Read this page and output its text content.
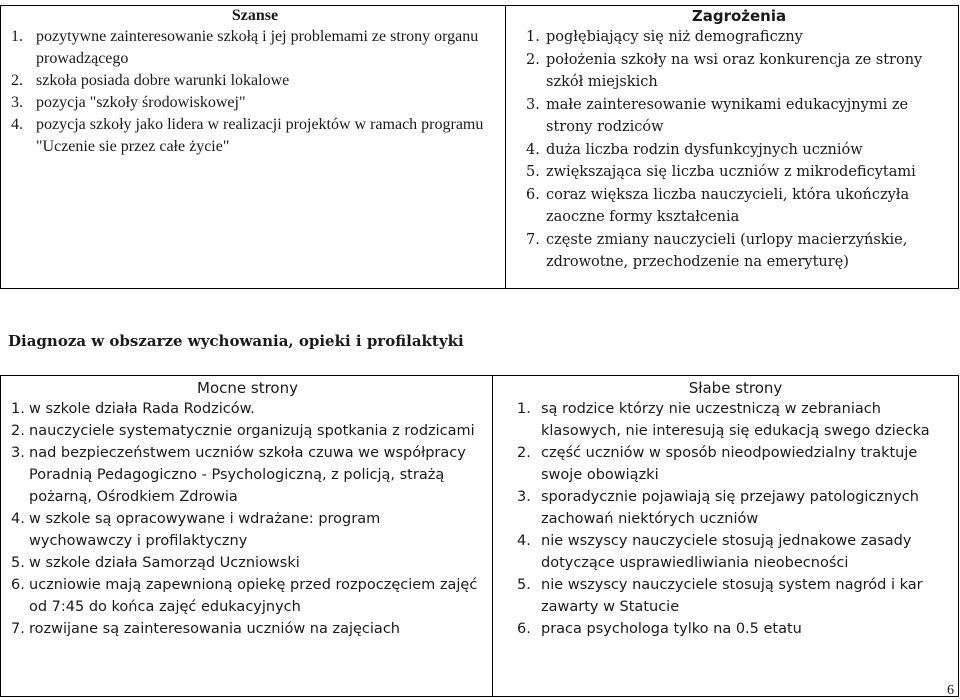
Szanse
1. pozytywne zainteresowanie szkołą i jej problemami ze strony organu prowadzącego
2. szkoła posiada dobre warunki lokalowe
3. pozycja "szkoły środowiskowej"
4. pozycja szkoły jako lidera w realizacji projektów w ramach programu "Uczenie sie przez całe życie"

Zagrożenia
1. pogłębiający się niż demograficzny
2. położenia szkoły na wsi oraz konkurencja ze strony szkół miejskich
3. małe zainteresowanie wynikami edukacyjnymi ze strony rodziców
4. duża liczba rodzin dysfunkcyjnych uczniów
5. zwiększająca się liczba uczniów z mikrodeficytami
6. coraz większa liczba nauczycieli, która ukończyła zaoczne formy kształcenia
7. częste zmiany nauczycieli (urlopy macierzyńskie, zdrowotne, przechodzenie na emeryturę)
Diagnoza w obszarze wychowania, opieki i profilaktyki
Mocne strony
1. w szkole działa Rada Rodziców.
2. nauczyciele systematycznie organizują spotkania z rodzicami
3. nad bezpieczeństwem uczniów szkoła czuwa we współpracy Poradnią Pedagogiczno - Psychologiczną, z policją, strażą pożarną, Ośrodkiem Zdrowia
4. w szkole są opracowywane i wdrażane: program wychowawczy i profilaktyczny
5. w szkole działa Samorząd Uczniowski
6. uczniowie mają zapewnioną opiekę przed rozpoczęciem zajęć od 7:45 do końca zajęć edukacyjnych
7. rozwijane są zainteresowania uczniów na zajęciach

Słabe strony
1. są rodzice którzy nie uczestniczą w zebraniach klasowych, nie interesują się edukacją swego dziecka
2. część uczniów w sposób nieodpowiedzialny traktuje swoje obowiązki
3. sporadycznie pojawiają się przejawy patologicznych zachowań niektórych uczniów
4. nie wszyscy nauczyciele stosują jednakowe zasady dotyczące usprawiedliwiania nieobecności
5. nie wszyscy nauczyciele stosują system nagród i kar zawarty w Statucie
6. praca psychologa tylko na 0.5 etatu
6
